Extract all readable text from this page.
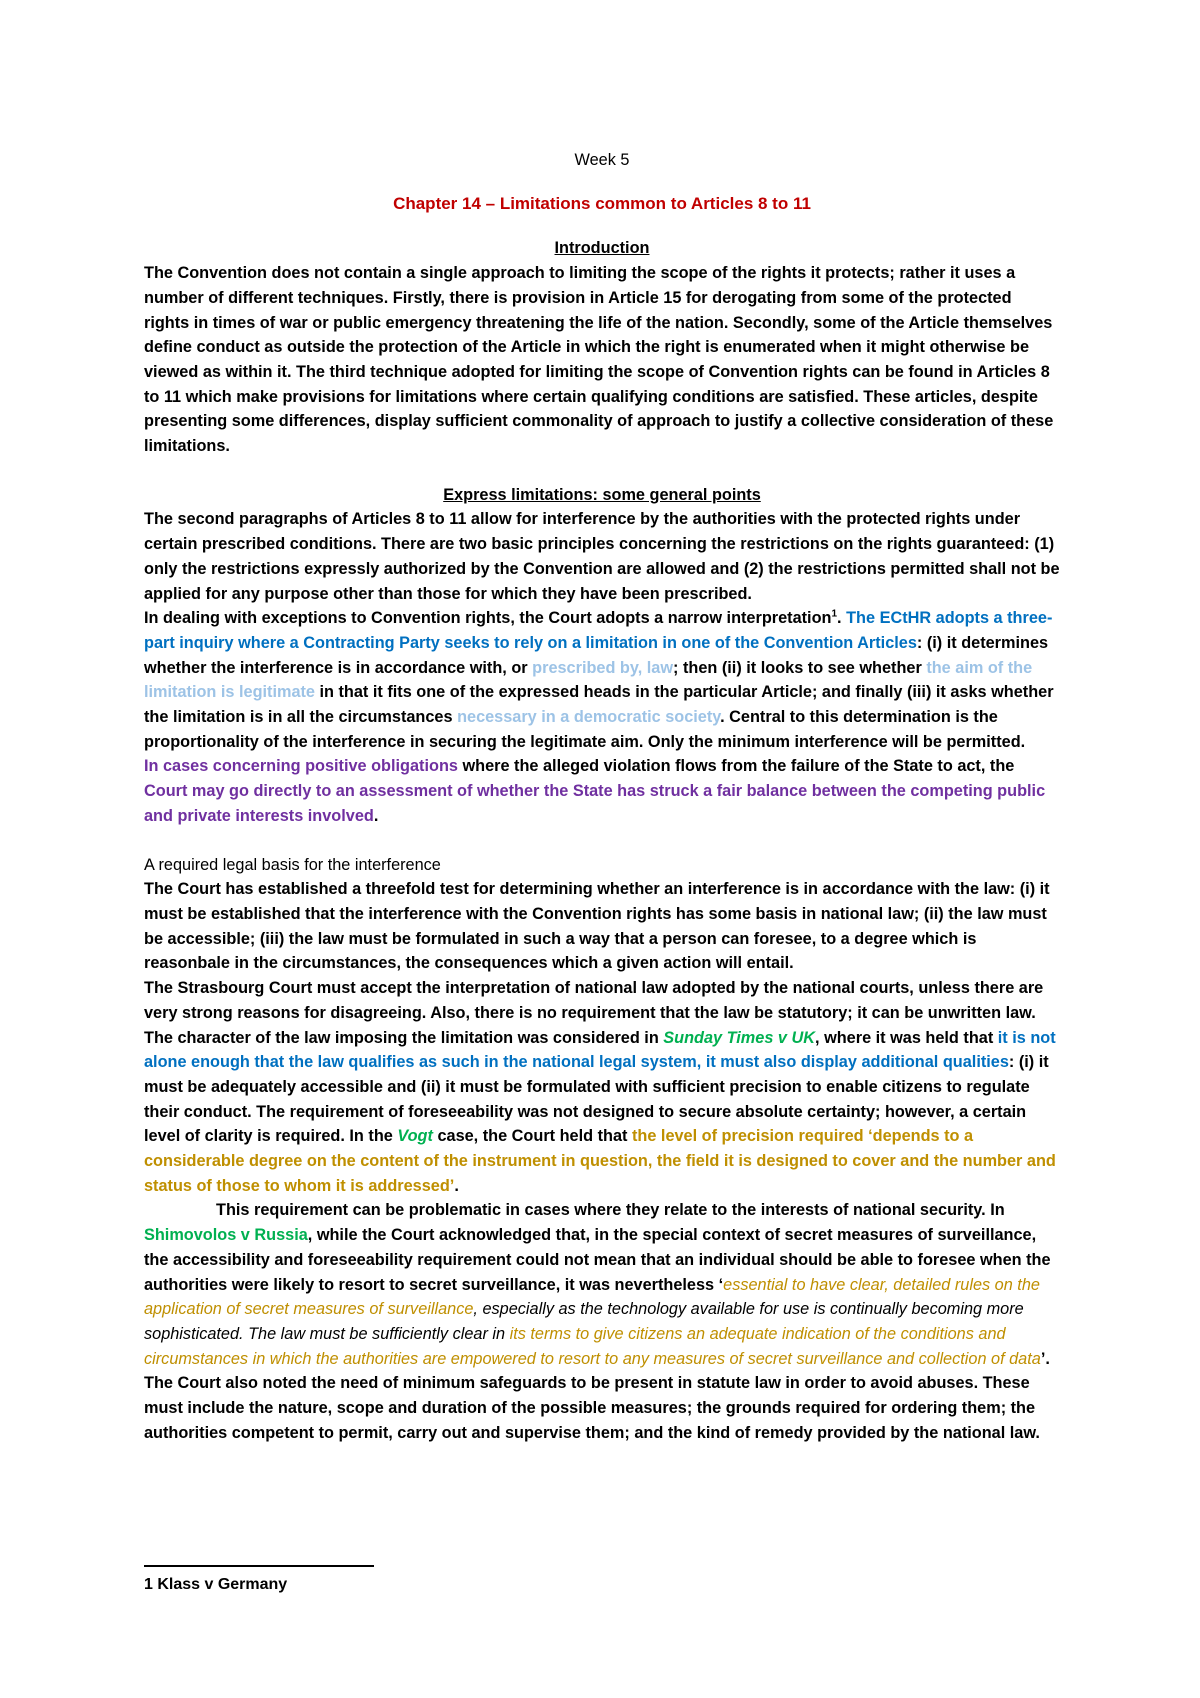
Week 5

Chapter 14 – Limitations common to Articles 8 to 11

Introduction

The Convention does not contain a single approach to limiting the scope of the rights it protects; rather it uses a number of different techniques. Firstly, there is provision in Article 15 for derogating from some of the protected rights in times of war or public emergency threatening the life of the nation. Secondly, some of the Article themselves define conduct as outside the protection of the Article in which the right is enumerated when it might otherwise be viewed as within it. The third technique adopted for limiting the scope of Convention rights can be found in Articles 8 to 11 which make provisions for limitations where certain qualifying conditions are satisfied. These articles, despite presenting some differences, display sufficient commonality of approach to justify a collective consideration of these limitations.

Express limitations: some general points

The second paragraphs of Articles 8 to 11 allow for interference by the authorities with the protected rights under certain prescribed conditions. There are two basic principles concerning the restrictions on the rights guaranteed: (1) only the restrictions expressly authorized by the Convention are allowed and (2) the restrictions permitted shall not be applied for any purpose other than those for which they have been prescribed.

In dealing with exceptions to Convention rights, the Court adopts a narrow interpretation$^1$. The ECtHR adopts a three-part inquiry where a Contracting Party seeks to rely on a limitation in one of the Convention Articles: (i) it determines whether the interference is in accordance with, or prescribed by, law; then (ii) it looks to see whether the aim of the limitation is legitimate in that it fits one of the expressed heads in the particular Article; and finally (iii) it asks whether the limitation is in all the circumstances necessary in a democratic society. Central to this determination is the proportionality of the interference in securing the legitimate aim. Only the minimum interference will be permitted.

In cases concerning positive obligations where the alleged violation flows from the failure of the State to act, the Court may go directly to an assessment of whether the State has struck a fair balance between the competing public and private interests involved.

A required legal basis for the interference

The Court has established a threefold test for determining whether an interference is in accordance with the law: (i) it must be established that the interference with the Convention rights has some basis in national law; (ii) the law must be accessible; (iii) the law must be formulated in such a way that a person can foresee, to a degree which is reasonbale in the circumstances, the consequences which a given action will entail.

The Strasbourg Court must accept the interpretation of national law adopted by the national courts, unless there are very strong reasons for disagreeing. Also, there is no requirement that the law be statutory; it can be unwritten law. The character of the law imposing the limitation was considered in Sunday Times v UK, where it was held that it is not alone enough that the law qualifies as such in the national legal system, it must also display additional qualities: (i) it must be adequately accessible and (ii) it must be formulated with sufficient precision to enable citizens to regulate their conduct. The requirement of foreseeability was not designed to secure absolute certainty; however, a certain level of clarity is required. In the Vogt case, the Court held that the level of precision required ‘depends to a considerable degree on the content of the instrument in question, the field it is designed to cover and the number and status of those to whom it is addressed’.

This requirement can be problematic in cases where they relate to the interests of national security. In Shimovolos v Russia, while the Court acknowledged that, in the special context of secret measures of surveillance, the accessibility and foreseeability requirement could not mean that an individual should be able to foresee when the authorities were likely to resort to secret surveillance, it was nevertheless ‘essential to have clear, detailed rules on the application of secret measures of surveillance, especially as the technology available for use is continually becoming more sophisticated. The law must be sufficiently clear in its terms to give citizens an adequate indication of the conditions and circumstances in which the authorities are empowered to resort to any measures of secret surveillance and collection of data’. The Court also noted the need of minimum safeguards to be present in statute law in order to avoid abuses. These must include the nature, scope and duration of the possible measures; the grounds required for ordering them; the authorities competent to permit, carry out and supervise them; and the kind of remedy provided by the national law.

1 Klass v Germany
